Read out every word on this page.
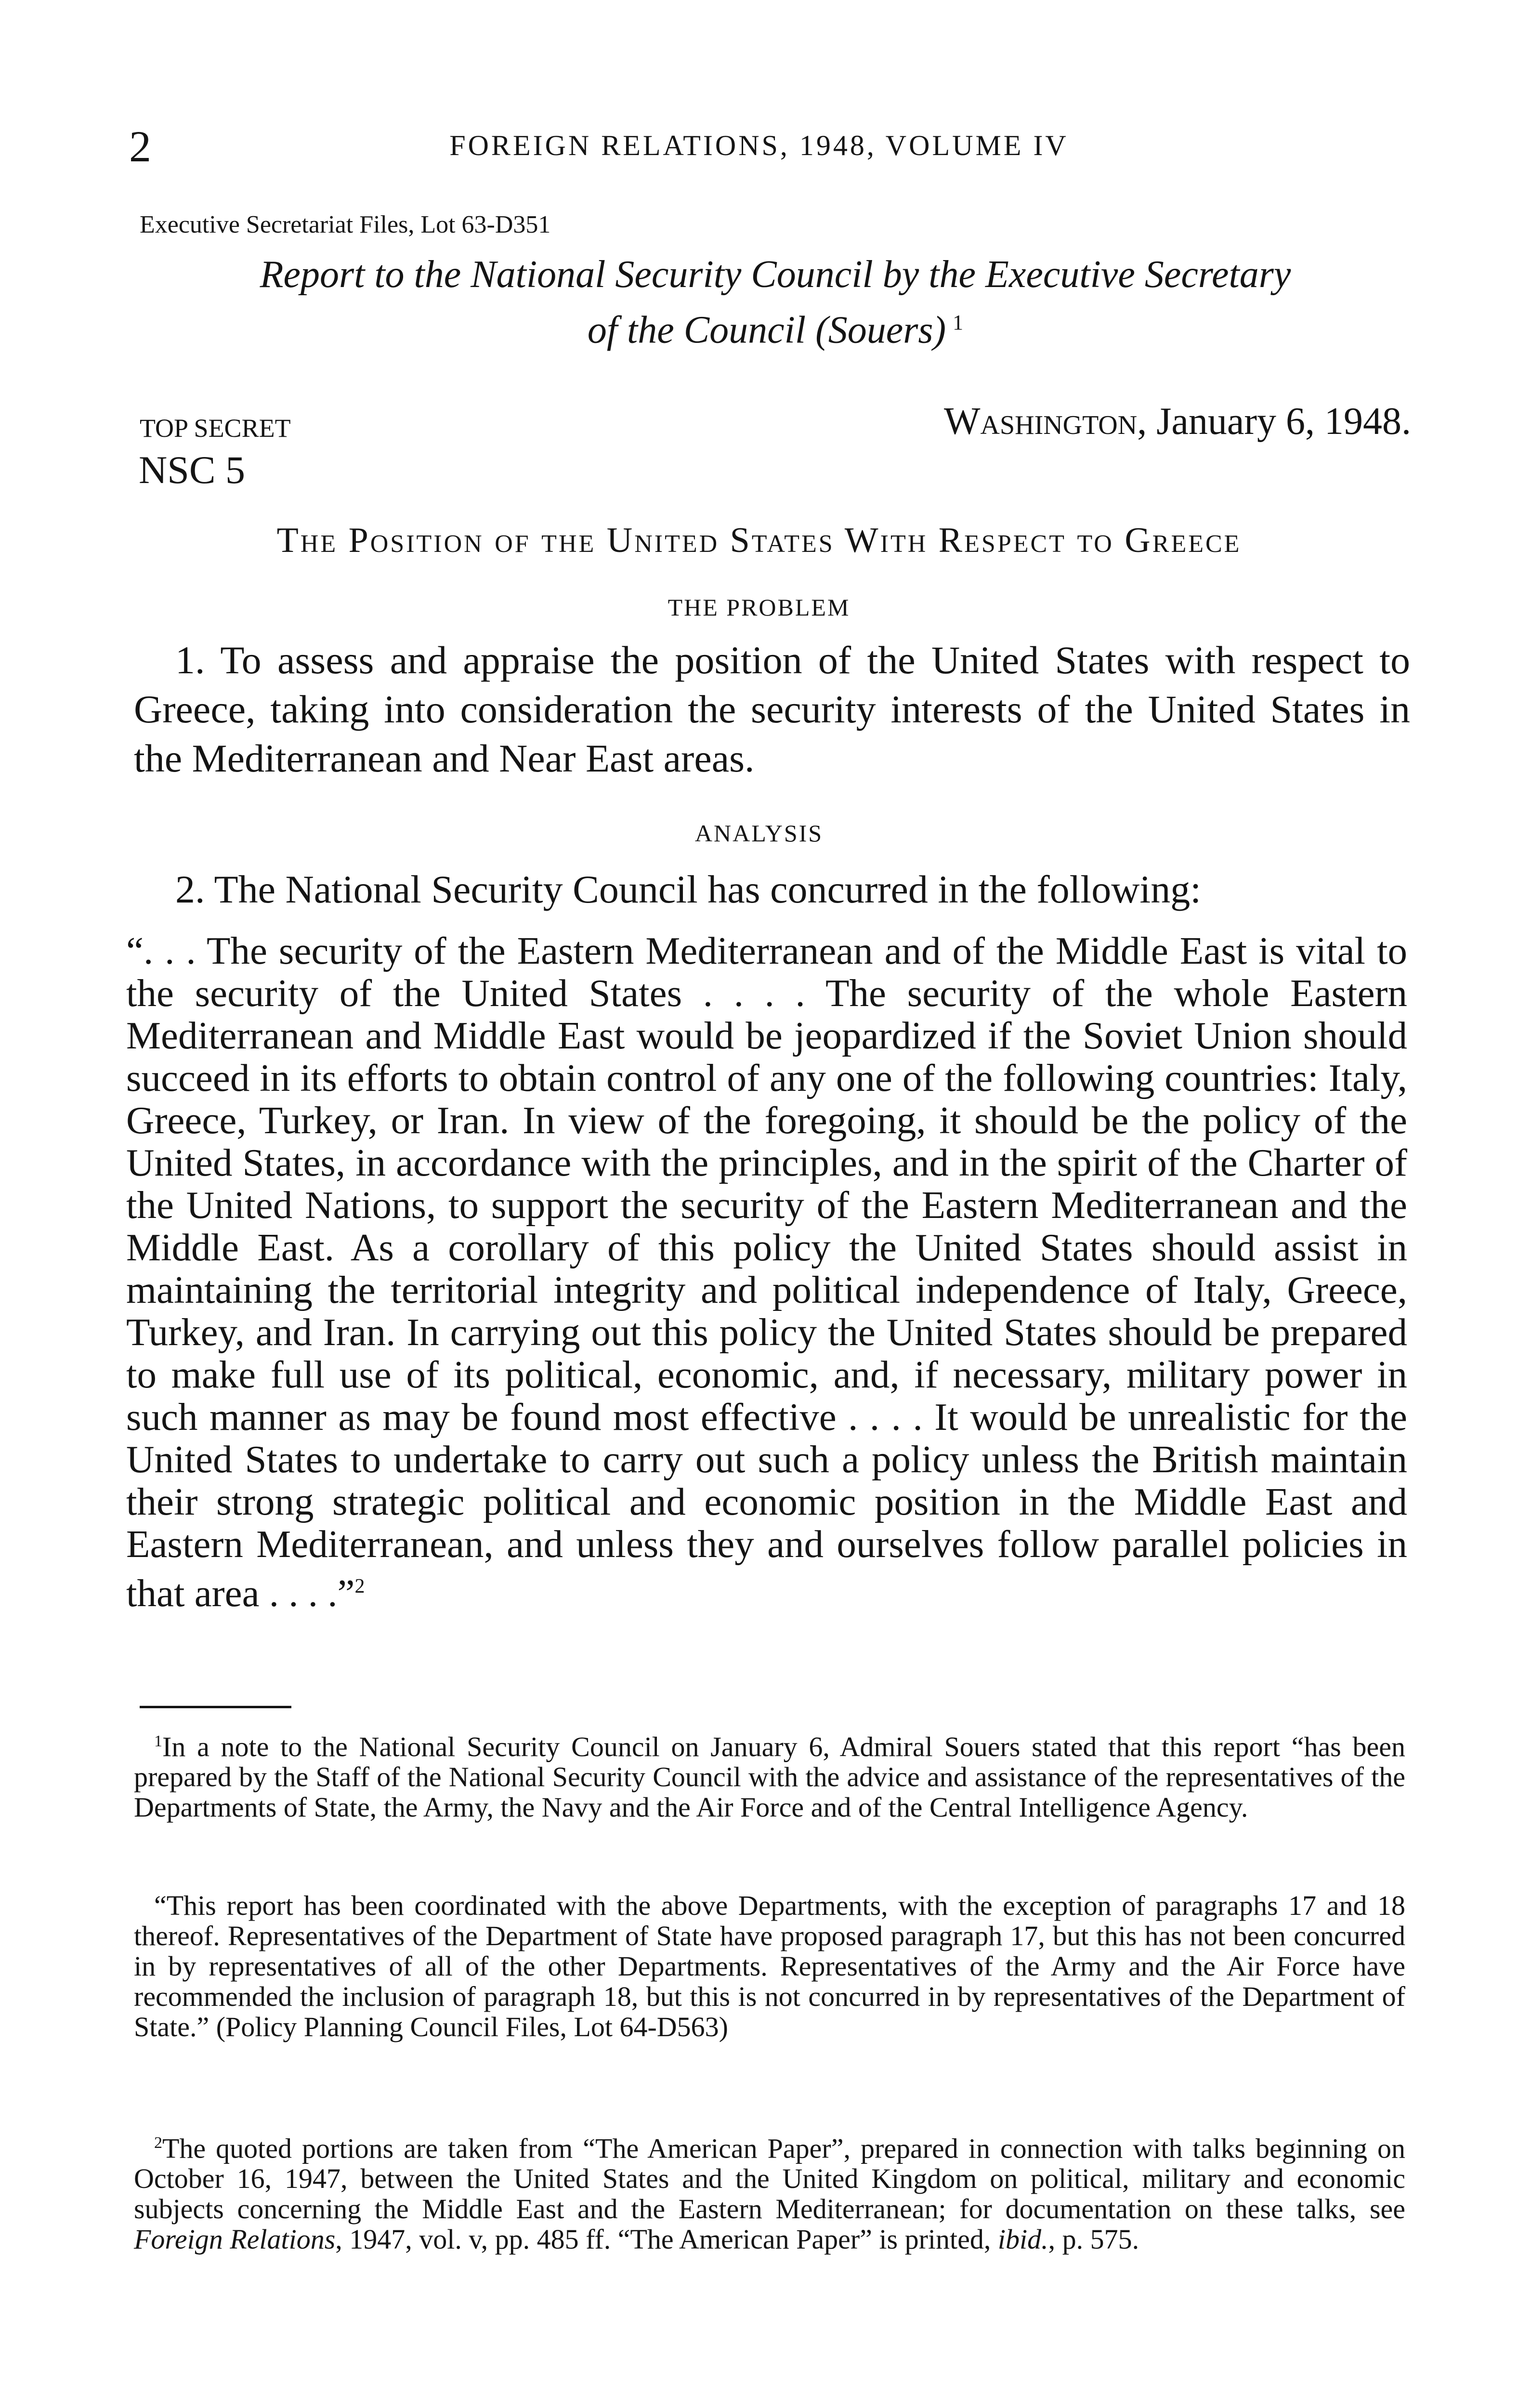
2	FOREIGN RELATIONS, 1948, VOLUME IV
Executive Secretariat Files, Lot 63-D351
Report to the National Security Council by the Executive Secretary
of the Council (Souers) $^1$
TOP SECRET	Washington, January 6, 1948.
NSC 5
The Position of the United States With Respect to Greece
THE PROBLEM
1. To assess and appraise the position of the United States with respect to Greece, taking into consideration the security interests of the United States in the Mediterranean and Near East areas.
ANALYSIS
2. The National Security Council has concurred in the following:
“. . . The security of the Eastern Mediterranean and of the Middle East is vital to the security of the United States . . . . The security of the whole Eastern Mediterranean and Middle East would be jeopardized if the Soviet Union should succeed in its efforts to obtain control of any one of the following countries: Italy, Greece, Turkey, or Iran. In view of the foregoing, it should be the policy of the United States, in accordance with the principles, and in the spirit of the Charter of the United Nations, to support the security of the Eastern Mediterranean and the Middle East. As a corollary of this policy the United States should assist in maintaining the territorial integrity and political independence of Italy, Greece, Turkey, and Iran. In carrying out this policy the United States should be prepared to make full use of its political, economic, and, if necessary, military power in such manner as may be found most effective . . . . It would be unrealistic for the United States to undertake to carry out such a policy unless the British maintain their strong strategic political and economic position in the Middle East and Eastern Mediterranean, and unless they and ourselves follow parallel policies in that area . . . .”$^2$
$^1$In a note to the National Security Council on January 6, Admiral Souers stated that this report “has been prepared by the Staff of the National Security Council with the advice and assistance of the representatives of the Departments of State, the Army, the Navy and the Air Force and of the Central Intelligence Agency.
“This report has been coordinated with the above Departments, with the exception of paragraphs 17 and 18 thereof. Representatives of the Department of State have proposed paragraph 17, but this has not been concurred in by representatives of all of the other Departments. Representatives of the Army and the Air Force have recommended the inclusion of paragraph 18, but this is not concurred in by representatives of the Department of State.” (Policy Planning Council Files, Lot 64-D563)
$^2$The quoted portions are taken from “The American Paper”, prepared in connection with talks beginning on October 16, 1947, between the United States and the United Kingdom on political, military and economic subjects concerning the Middle East and the Eastern Mediterranean; for documentation on these talks, see Foreign Relations, 1947, vol. v, pp. 485 ff. “The American Paper” is printed, ibid., p. 575.
